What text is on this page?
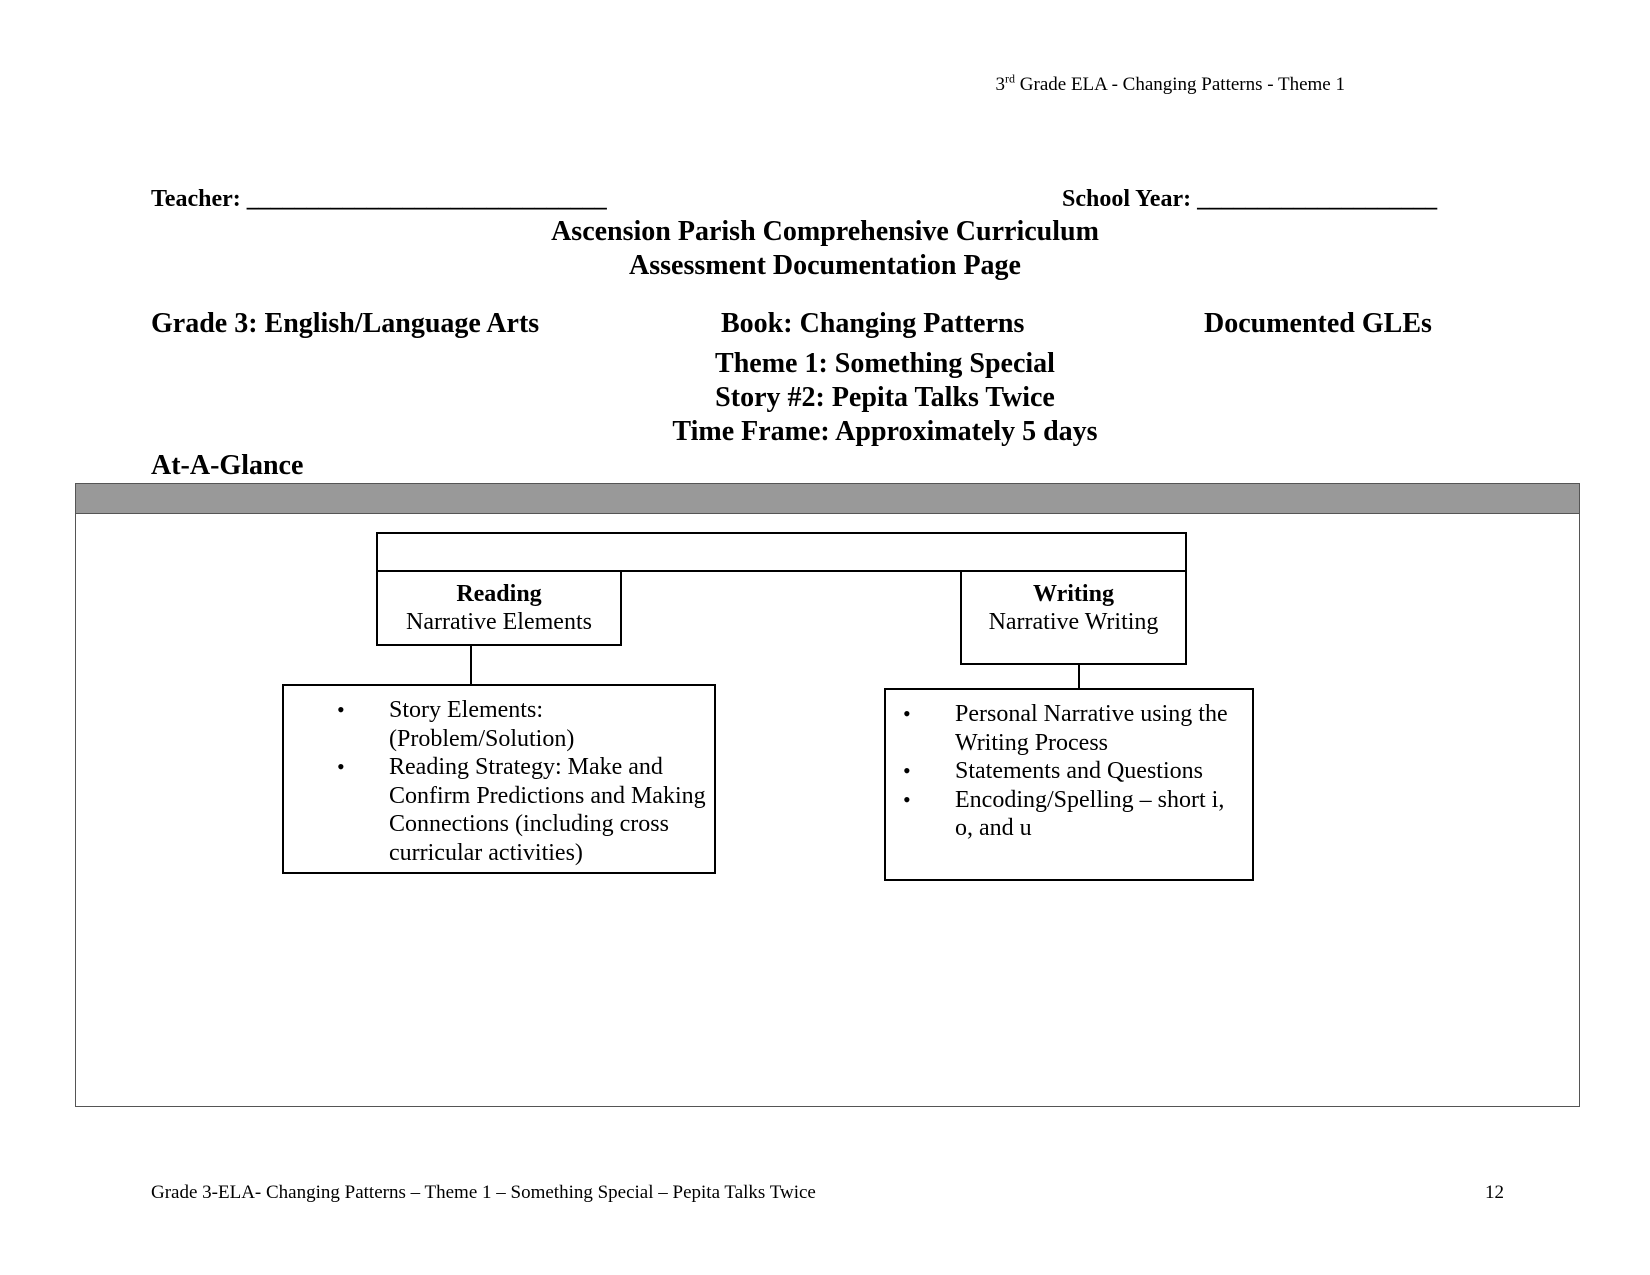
3rd Grade ELA - Changing Patterns - Theme 1
Teacher: ______________________________	School Year: ____________________
Ascension Parish Comprehensive Curriculum
Assessment Documentation Page
Grade 3: English/Language Arts	Book: Changing Patterns	Documented GLEs
Theme 1: Something Special
Story #2: Pepita Talks Twice
Time Frame: Approximately 5 days
At-A-Glance
Reading
Narrative Elements
Writing
Narrative Writing
• Story Elements: (Problem/Solution)
• Reading Strategy: Make and Confirm Predictions and Making Connections (including cross curricular activities)
• Personal Narrative using the Writing Process
• Statements and Questions
• Encoding/Spelling – short i, o, and u
Grade 3-ELA- Changing Patterns – Theme 1 – Something Special – Pepita Talks Twice	12
